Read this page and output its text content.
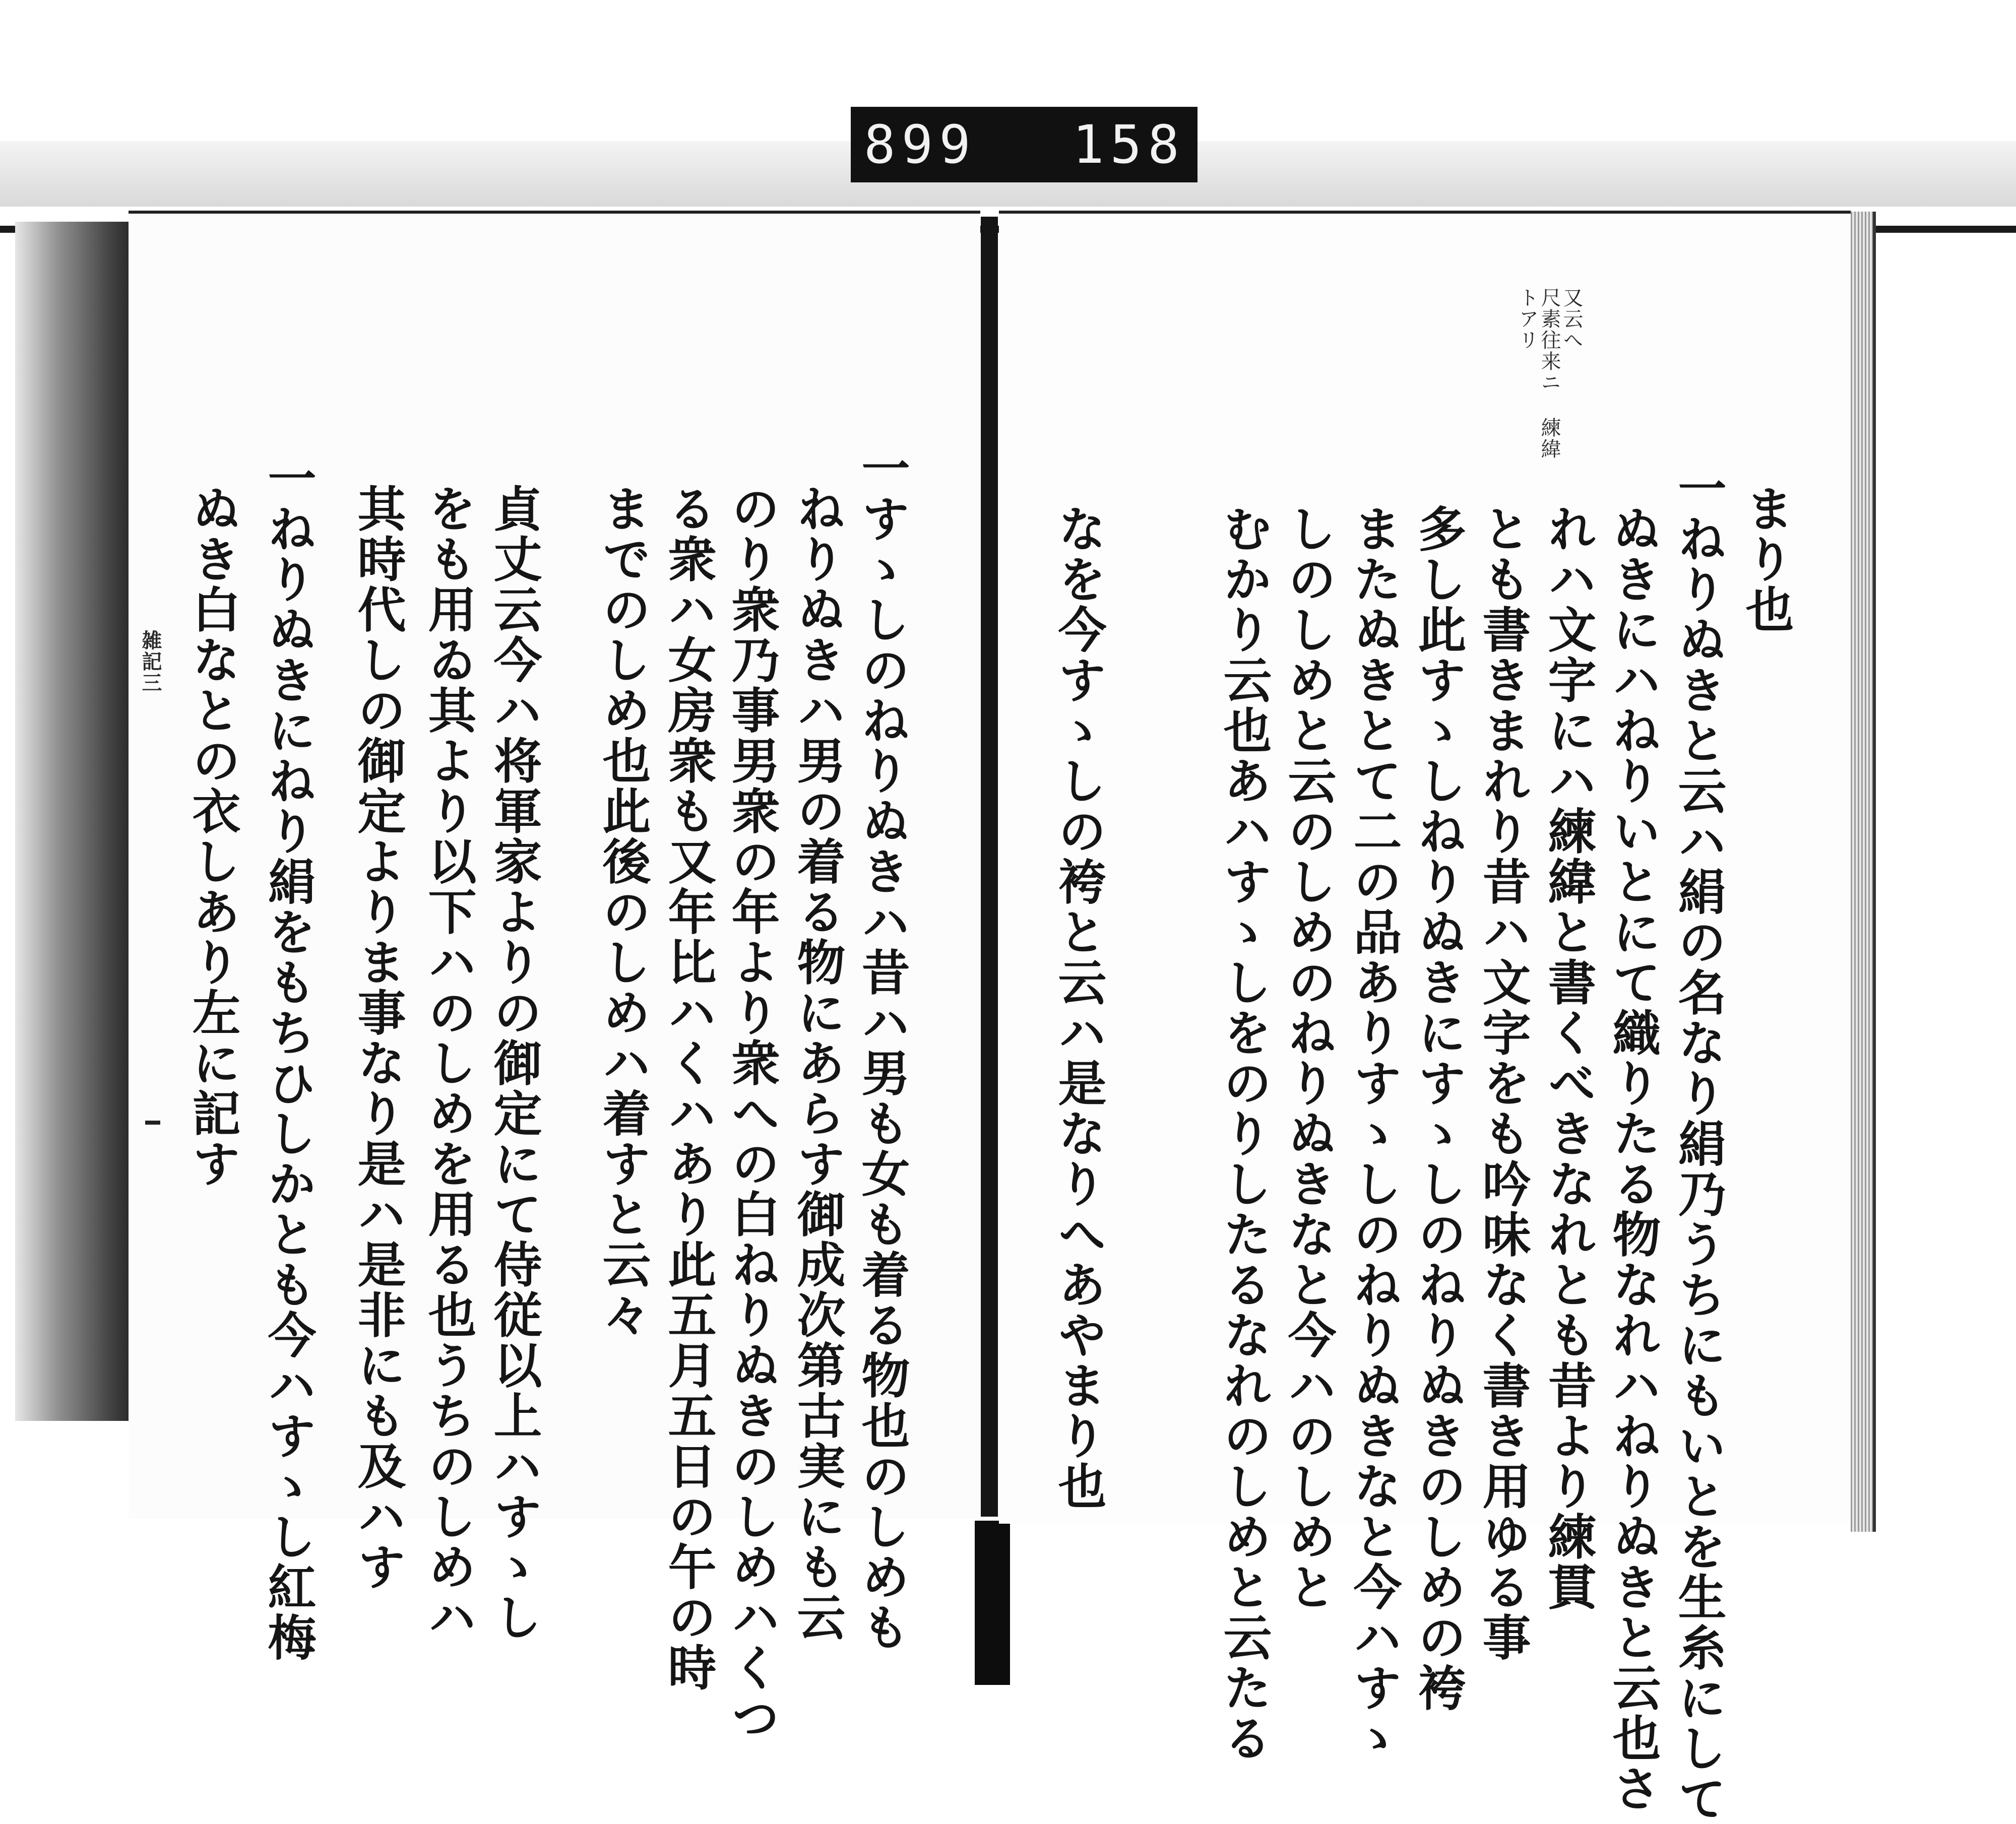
899 158
又云へ
尺素往来ニ 練緯
トアリ
まり也
一ねりぬきと云ハ絹の名なり絹乃うちにもいとを生糸にして
ぬきにハねりいとにて織りたる物なれハねりぬきと云也さ
れハ文字にハ練緯と書くべきなれとも昔より練貫
とも書きまれり昔ハ文字をも吟味なく書き用ゆる事
多し此すゝしねりぬきにすゝしのねりぬきのしめの袴
またぬきとて二の品ありすゝしのねりぬきなと今ハすゝ
しのしめと云のしめのねりぬきなと今ハのしめと
むかり云也あハすゝしをのりしたるなれのしめと云たる
なを今すゝしの袴と云ハ是なりへあやまり也
一すゝしのねりぬきハ昔ハ男も女も着る物也のしめも
ねりぬきハ男の着る物にあらす御成次第古実にも云
のり衆乃事男衆の年より衆への白ねりぬきのしめハくつ
る衆ハ女房衆も又年比ハくハあり此五月五日の午の時
までのしめ也此後のしめハ着すと云々
貞丈云今ハ将軍家よりの御定にて侍従以上ハすゝし
をも用ゐ其より以下ハのしめを用る也うちのしめハ
其時代しの御定よりま事なり是ハ是非にも及ハす
一ねりぬきにねり絹をもちひしかとも今ハすゝし紅梅
ぬき白なとの衣しあり左に記す
雑記三
